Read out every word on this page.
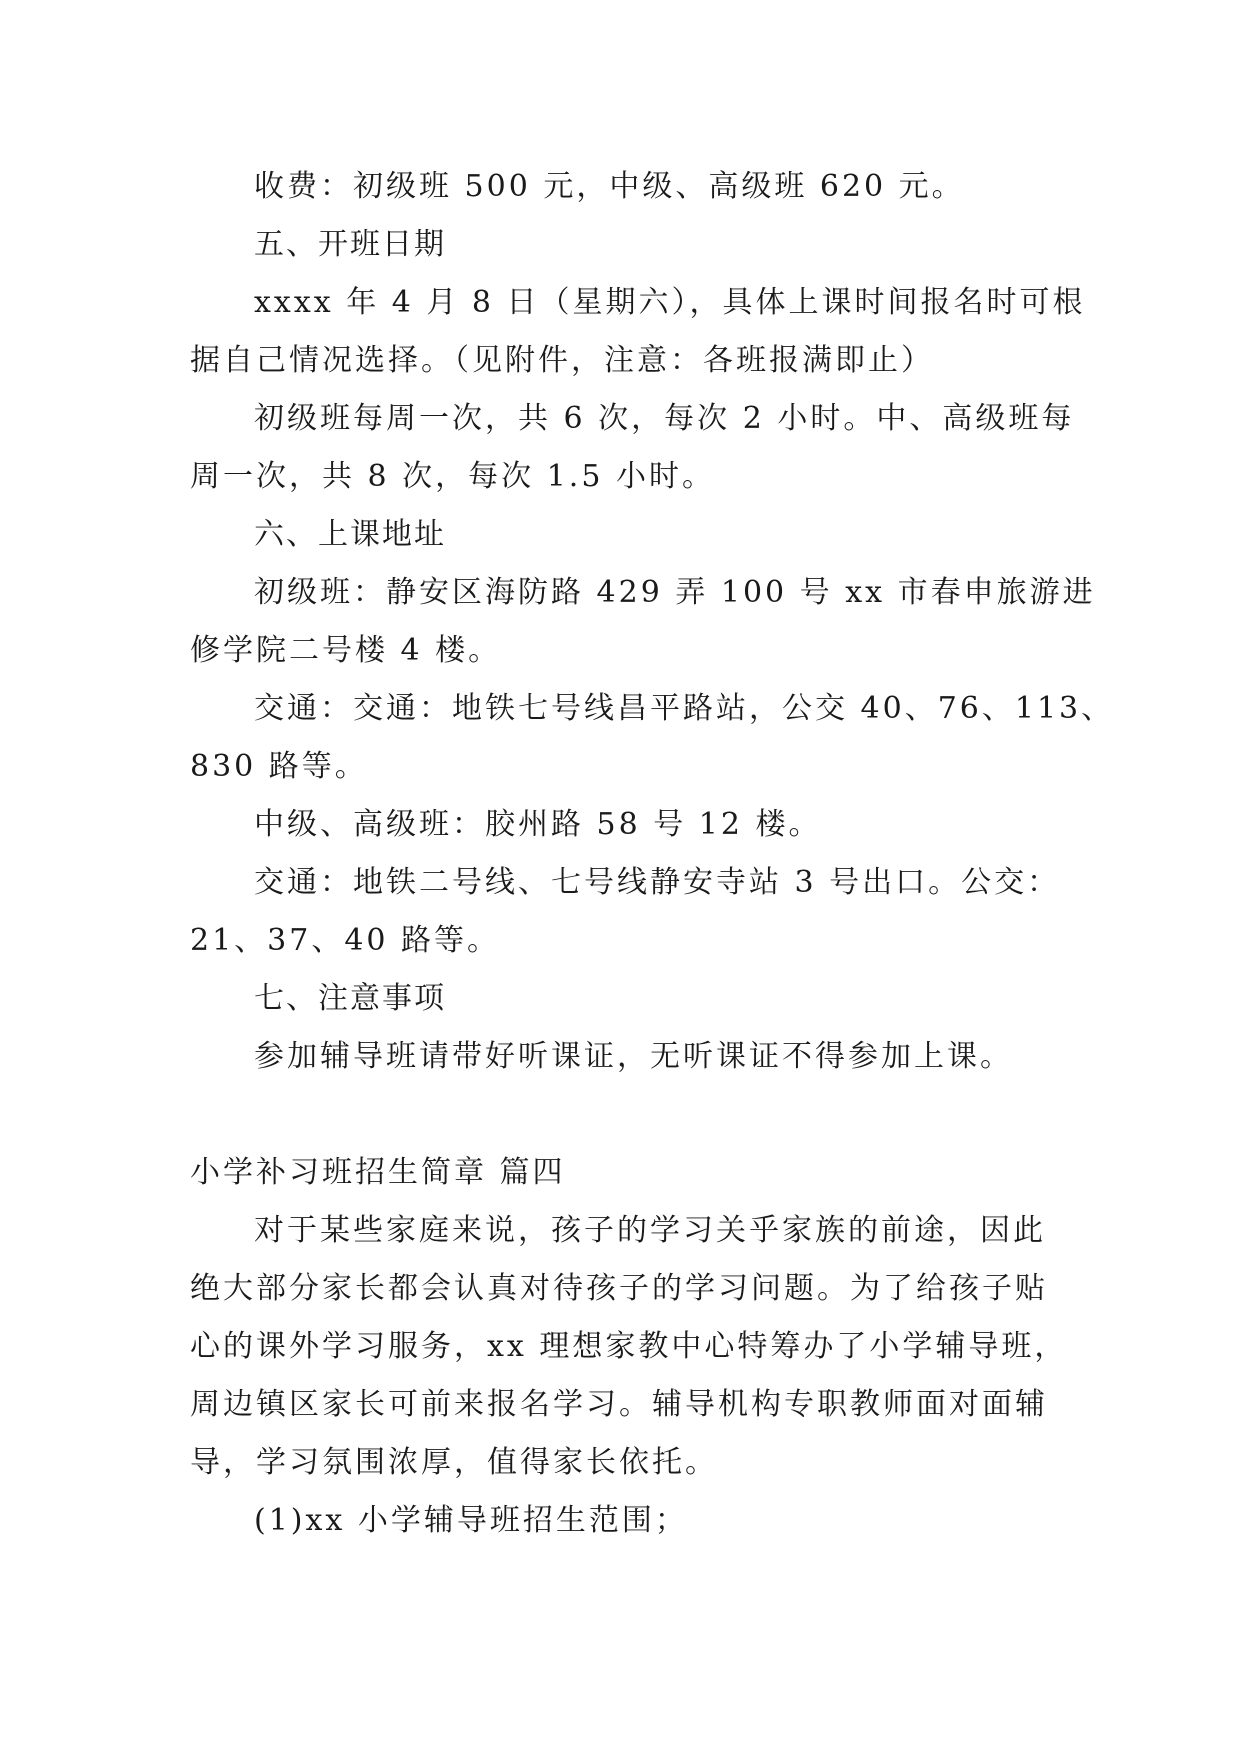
收费：初级班 500 元，中级、高级班 620 元。
五、开班日期
xxxx 年 4 月 8 日（星期六），具体上课时间报名时可根
据自己情况选择。（见附件，注意：各班报满即止）
初级班每周一次，共 6 次，每次 2 小时。中、高级班每
周一次，共 8 次，每次 1.5 小时。
六、上课地址
初级班：静安区海防路 429 弄 100 号 xx 市春申旅游进
修学院二号楼 4 楼。
交通：交通：地铁七号线昌平路站，公交 40、76、113、
830 路等。
中级、高级班：胶州路 58 号 12 楼。
交通：地铁二号线、七号线静安寺站 3 号出口。公交：
21、37、40 路等。
七、注意事项
参加辅导班请带好听课证，无听课证不得参加上课。
小学补习班招生简章 篇四
对于某些家庭来说，孩子的学习关乎家族的前途，因此
绝大部分家长都会认真对待孩子的学习问题。为了给孩子贴
心的课外学习服务，xx 理想家教中心特筹办了小学辅导班，
周边镇区家长可前来报名学习。辅导机构专职教师面对面辅
导，学习氛围浓厚，值得家长依托。
(1)xx 小学辅导班招生范围；
